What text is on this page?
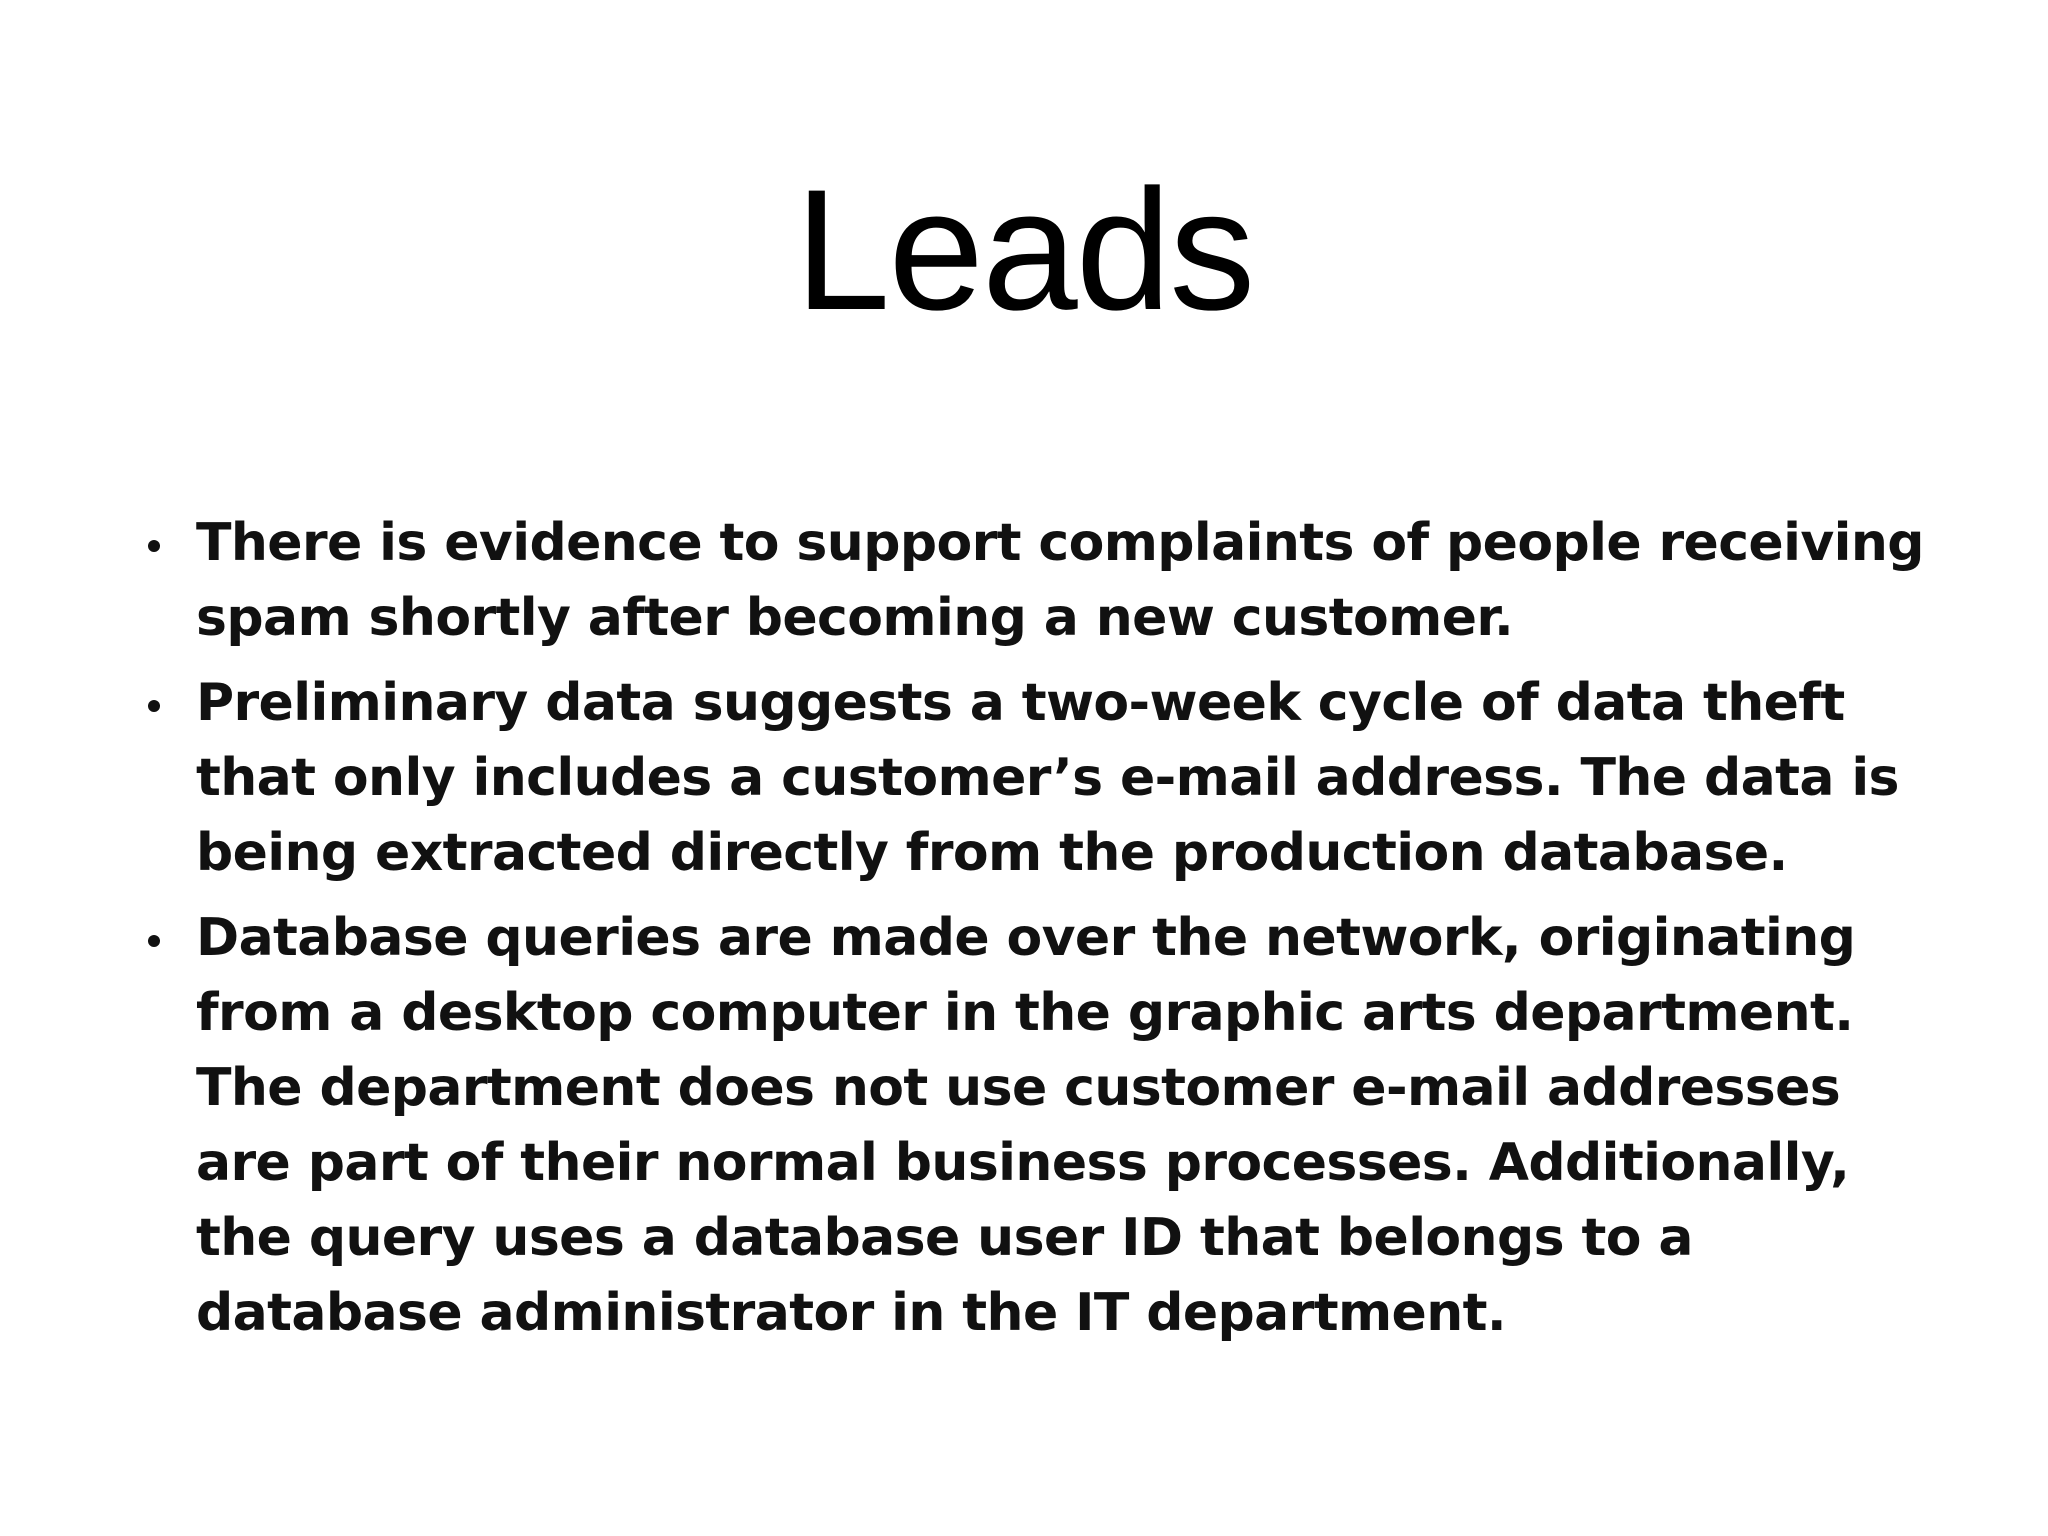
Leads
There is evidence to support complaints of people receiving spam shortly after becoming a new customer.
Preliminary data suggests a two-week cycle of data theft that only includes a customer’s e-mail address. The data is being extracted directly from the production database.
Database queries are made over the network, originating from a desktop computer in the graphic arts department. The department does not use customer e-mail addresses are part of their normal business processes. Additionally, the query uses a database user ID that belongs to a database administrator in the IT department.
